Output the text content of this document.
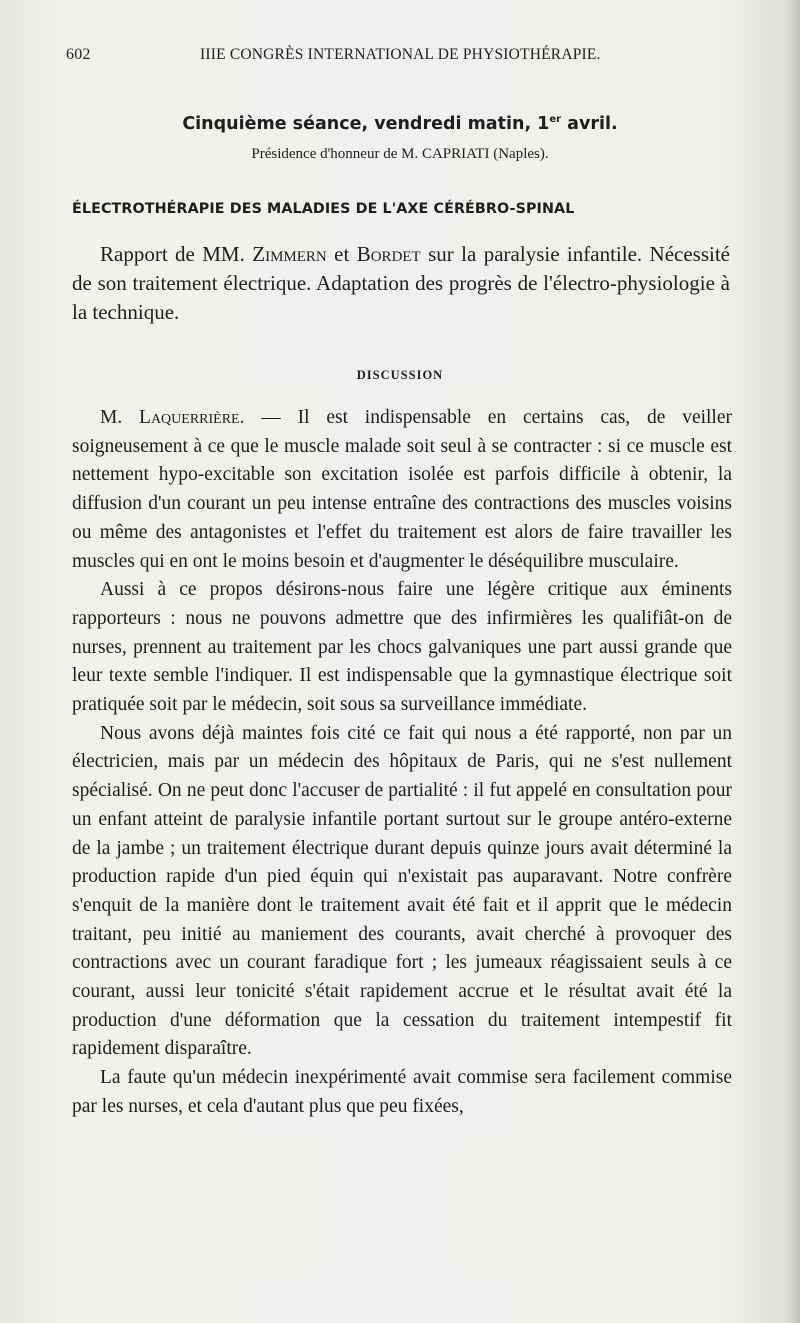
602	IIIE CONGRÈS INTERNATIONAL DE PHYSIOTHÉRAPIE.
Cinquième séance, vendredi matin, 1er avril.
Présidence d'honneur de M. CAPRIATI (Naples).
ÉLECTROTHÉRAPIE DES MALADIES DE L'AXE CÉRÉBRO-SPINAL
Rapport de MM. Zimmern et Bordet sur la paralysie infantile. Nécessité de son traitement électrique. Adaptation des progrès de l'électro-physiologie à la technique.
DISCUSSION

M. Laquerrière. — Il est indispensable en certains cas, de veiller soigneusement à ce que le muscle malade soit seul à se contracter : si ce muscle est nettement hypo-excitable son excitation isolée est parfois difficile à obtenir, la diffusion d'un courant un peu intense entraîne des contractions des muscles voisins ou même des antagonistes et l'effet du traitement est alors de faire travailler les muscles qui en ont le moins besoin et d'augmenter le déséquilibre musculaire.

Aussi à ce propos désirons-nous faire une légère critique aux éminents rapporteurs : nous ne pouvons admettre que des infirmières les qualifiât-on de nurses, prennent au traitement par les chocs galvaniques une part aussi grande que leur texte semble l'indiquer. Il est indispensable que la gymnastique électrique soit pratiquée soit par le médecin, soit sous sa surveillance immédiate.

Nous avons déjà maintes fois cité ce fait qui nous a été rapporté, non par un électricien, mais par un médecin des hôpitaux de Paris, qui ne s'est nullement spécialisé. On ne peut donc l'accuser de partialité : il fut appelé en consultation pour un enfant atteint de paralysie infantile portant surtout sur le groupe antéro-externe de la jambe ; un traitement électrique durant depuis quinze jours avait déterminé la production rapide d'un pied équin qui n'existait pas auparavant. Notre confrère s'enquit de la manière dont le traitement avait été fait et il apprit que le médecin traitant, peu initié au maniement des courants, avait cherché à provoquer des contractions avec un courant faradique fort ; les jumeaux réagissaient seuls à ce courant, aussi leur tonicité s'était rapidement accrue et le résultat avait été la production d'une déformation que la cessation du traitement intempestif fit rapidement disparaître.

La faute qu'un médecin inexpérimenté avait commise sera facilement commise par les nurses, et cela d'autant plus que peu fixées,
